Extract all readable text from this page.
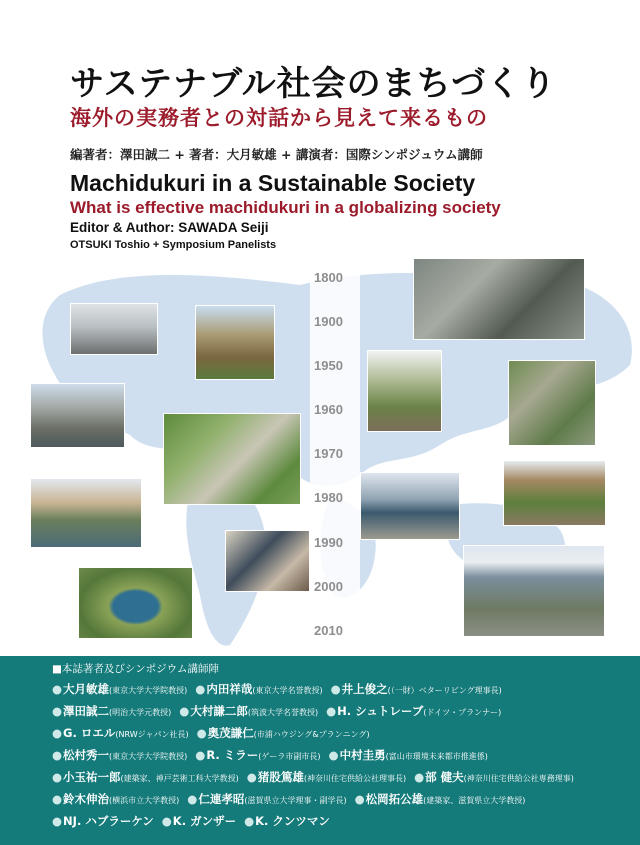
サステナブル社会のまちづくり
海外の実務者との対話から見えて来るもの
編著者：澤田誠二 + 著者：大月敏雄 + 講演者：国際シンポジュウム講師
Machidukuri in a Sustainable Society
What is effective machidukuri in a globalizing society
Editor & Author: SAWADA Seiji
OTSUKI Toshio + Symposium Panelists
1800
1900
1950
1960
1970
1980
1990
2000
2010
■本誌著者及びシンポジウム講師陣
●大月敏雄(東京大学大学院教授) ●内田祥哉(東京大学名誉教授) ●井上俊之(（一財）ベターリビング理事長)
●澤田誠二(明治大学元教授) ●大村謙二郎(筑波大学名誉教授) ●H. シュトレーブ(ドイツ・プランナー)
●G. ロエル(NRWジャパン社長) ●奥茂謙仁(市浦ハウジング&プランニング)
●松村秀一(東京大学大学院教授) ●R. ミラー(ゲーラ市副市長) ●中村圭勇(富山市環境未来都市推進係)
●小玉祐一郎(建築家、神戸芸術工科大学教授) ●猪股篤雄(神奈川住宅供給公社理事長) ●部 健夫(神奈川住宅供給公社専務理事)
●鈴木伸治(横浜市立大学教授) ●仁連孝昭(滋賀県立大学理事・副学長) ●松岡拓公雄(建築家、滋賀県立大学教授)
●NJ. ハブラーケン ●K. ガンザー ●K. クンツマン
